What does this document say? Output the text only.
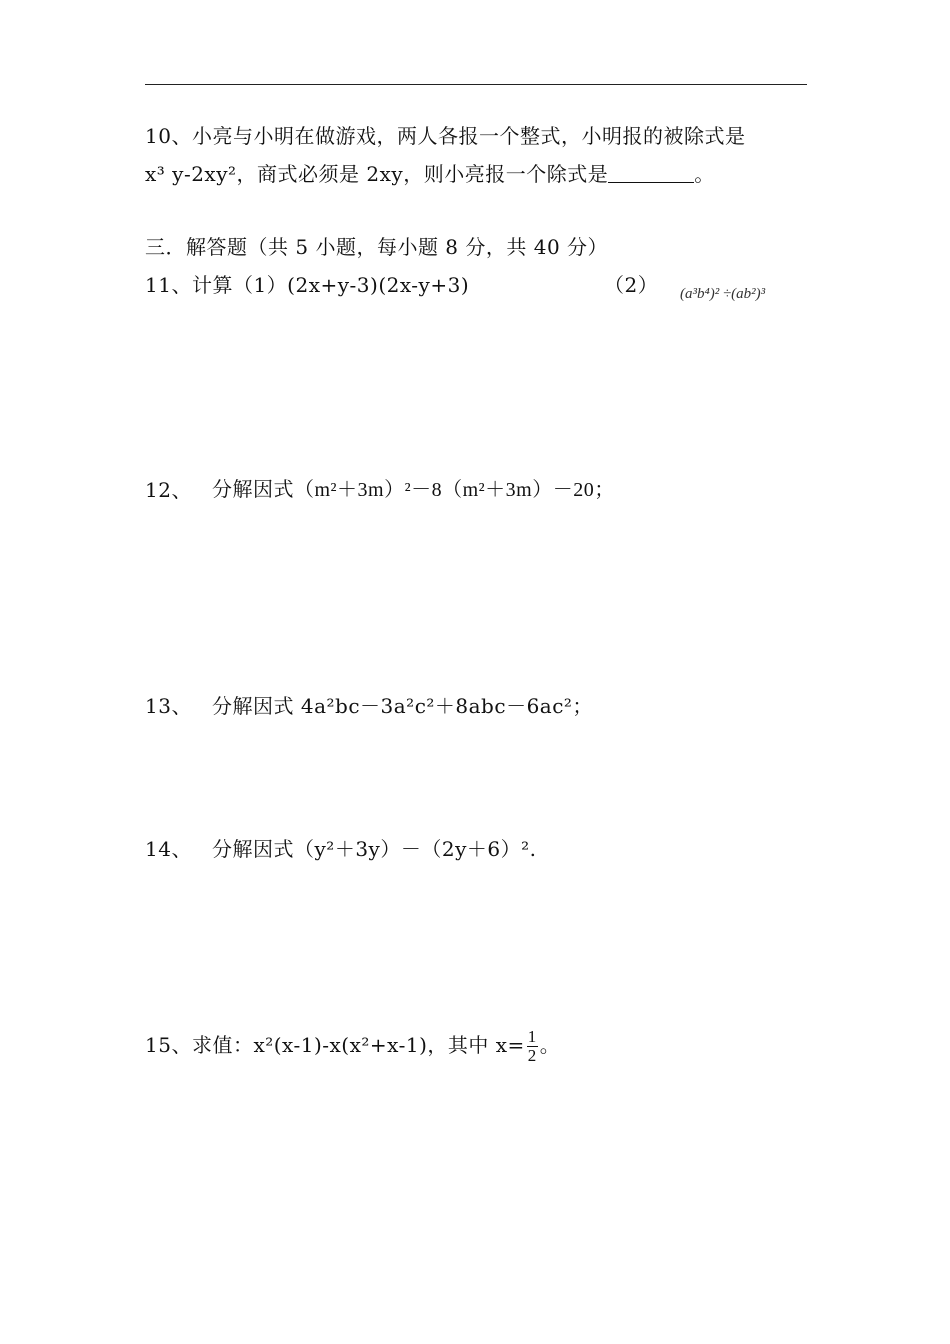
10、小亮与小明在做游戏，两人各报一个整式，小明报的被除式是
x³ y-2xy²，商式必须是 2xy，则小亮报一个除式是	。
三．解答题（共 5 小题，每小题 8 分，共 40 分）
11、计算（1）(2x+y-3)(2x-y+3)	（2） (a³b⁴)² ÷(ab²)³
12、 分解因式（m²＋3m）²－8（m²＋3m）－20；
13、 分解因式 4a²bc－3a²c²＋8abc－6ac²；
14、 分解因式（y²＋3y）－（2y＋6）².
15、求值：x²(x-1)-x(x²+x-1)，其中 $x= \frac{1}{2}$ 。
